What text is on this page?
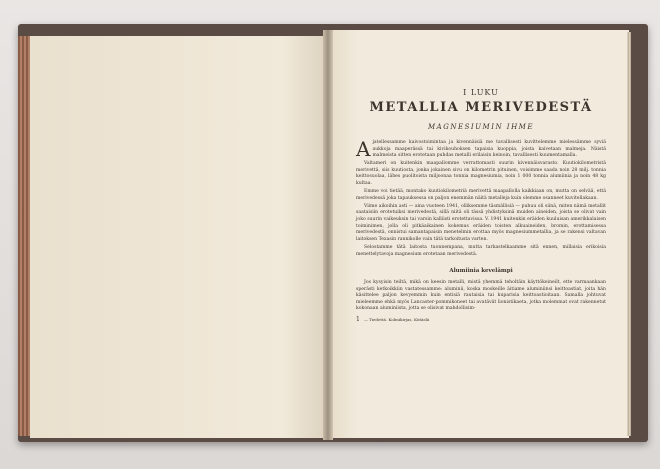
I LUKU
METALLIA MERIVEDESTÄ
MAGNESIUMIN IHME

Ajatellessamme kaivostoimintaa ja kivennäisiä me tavallisesti kuvittelemme mielessämme syviä aukkoja maaperässä tai kivikouhoksen tapaisia kuoppia, joista kaivetaan malmeja. Näistä malmeista sitten erotetaan puhdas metalli erilaisin keinoin, tavallisesti kuumentamalla.

Valtameri on kuitenkin maapallomme verrattomasti suurin kivennäisvarasto. Kuutiokilometristä merivettä, siis kuutiosta, jonka jokainen sivu on kilometrin pituinen, voisimme saada noin 28 milj. tonnia keittosuolaa, lähes puolitoista miljoonaa tonnia magnesiumia, noin 1 000 tonnia alumiinia ja noin 48 kg kultaa.

Emme voi tietää, montako kuutiokilometriä merivettä maapallolla kaikkiaan on, mutta on selvää, että merivedessä joka tapauksessa on paljon enemmän näitä metalleja kuin olemme osanneet kuvitellakaan.

Viime aikoihin asti — aina vuoteen 1941, olliksemme täsmällisiä — puhuu oli siinä, miten nämä metallit saataisiin erotetuiksi merivedestä, sillä niitä oli tässä yhdistyksinä muiden aineiden, joista se olivat vain joko suurin vaikeuksin tai varsin kalliisti erotettavissa. V. 1941 kuitenkin eräiden kuuluisan amerikkalaisen toiminimen, jolla oli pitkäaikainen kokemus eräiden toisten alkuaineiden, bromin, erottamisessa merivedestä, onnistui samantapaisin menetelmin erottaa myös magnesiummetallia, ja se rakensi valtavan laitoksen Texasin rannikolle vain tätä tarkoitusta varten.

Selostamme tätä laitosta tuonnempana, mutta tarkastelkaamme sitä ennen, millaisia erikoisia menettelytavoja magnesium erotetaan merivedestä.

Alumiinia kevelämpi

Jos kysyisin teiltä, mikä on keesin metalli, mistä yhemmä teholtäin käyttökeineilt, ette varmaankaan sperästi ketkoikkiin vastatessamme: aluminii, koska moskeille äitiame aluminiinsi keittoastiat, joita hän käsittelee paljon kevyemmin kuin entisiä rautaisia tai kuparisia keittoastioitaan. Samalla johtuvat mieleemme ehkä myös Lancaster-pommikoneet tai avatävät lionistikaeta, jotka molemmat ovat rakennetut kokonaan aluminiista, jotta se olisivat mahdollisim-

1 — Tiedettä. Kolmikirjas, Kiitäslä
